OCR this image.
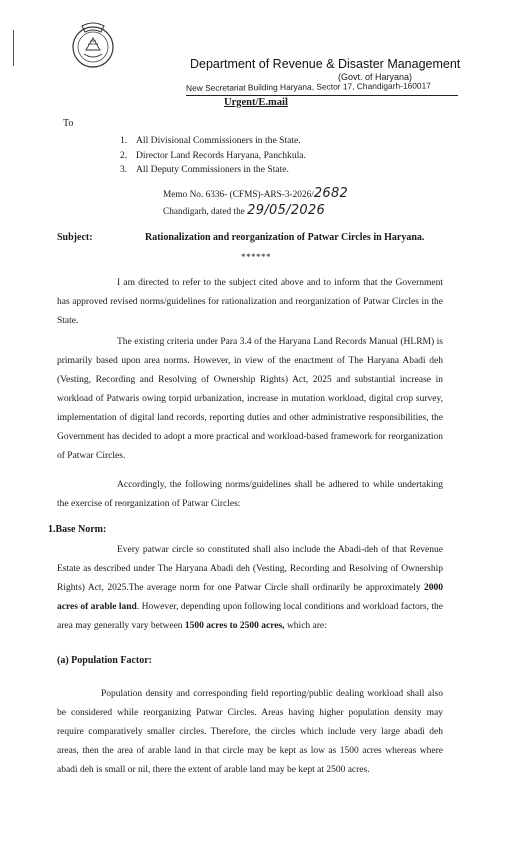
Department of Revenue & Disaster Management
(Govt. of Haryana)
New Secretariat Building Haryana, Sector 17, Chandigarh-160017
Urgent/E.mail
To
1. All Divisional Commissioners in the State.
2. Director Land Records Haryana, Panchkula.
3. All Deputy Commissioners in the State.
Memo No. 6336- (CFMS)-ARS-3-2026/2682
Chandigarh, dated the 29/05/2026
Subject:	Rationalization and reorganization of Patwar Circles in Haryana.
******
I am directed to refer to the subject cited above and to inform that the Government has approved revised norms/guidelines for rationalization and reorganization of Patwar Circles in the State.
The existing criteria under Para 3.4 of the Haryana Land Records Manual (HLRM) is primarily based upon area norms. However, in view of the enactment of The Haryana Abadi deh (Vesting, Recording and Resolving of Ownership Rights) Act, 2025 and substantial increase in workload of Patwaris owing torpid urbanization, increase in mutation workload, digital crop survey, implementation of digital land records, reporting duties and other administrative responsibilities, the Government has decided to adopt a more practical and workload-based framework for reorganization of Patwar Circles.
Accordingly, the following norms/guidelines shall be adhered to while undertaking the exercise of reorganization of Patwar Circles:
1.Base Norm:
Every patwar circle so constituted shall also include the Abadi-deh of that Revenue Estate as described under The Haryana Abadi deh (Vesting, Recording and Resolving of Ownership Rights) Act, 2025.The average norm for one Patwar Circle shall ordinarily be approximately 2000 acres of arable land. However, depending upon following local conditions and workload factors, the area may generally vary between 1500 acres to 2500 acres, which are:
(a) Population Factor:
Population density and corresponding field reporting/public dealing workload shall also be considered while reorganizing Patwar Circles. Areas having higher population density may require comparatively smaller circles. Therefore, the circles which include very large abadi deh areas, then the area of arable land in that circle may be kept as low as 1500 acres whereas where abadi deh is small or nil, there the extent of arable land may be kept at 2500 acres.
